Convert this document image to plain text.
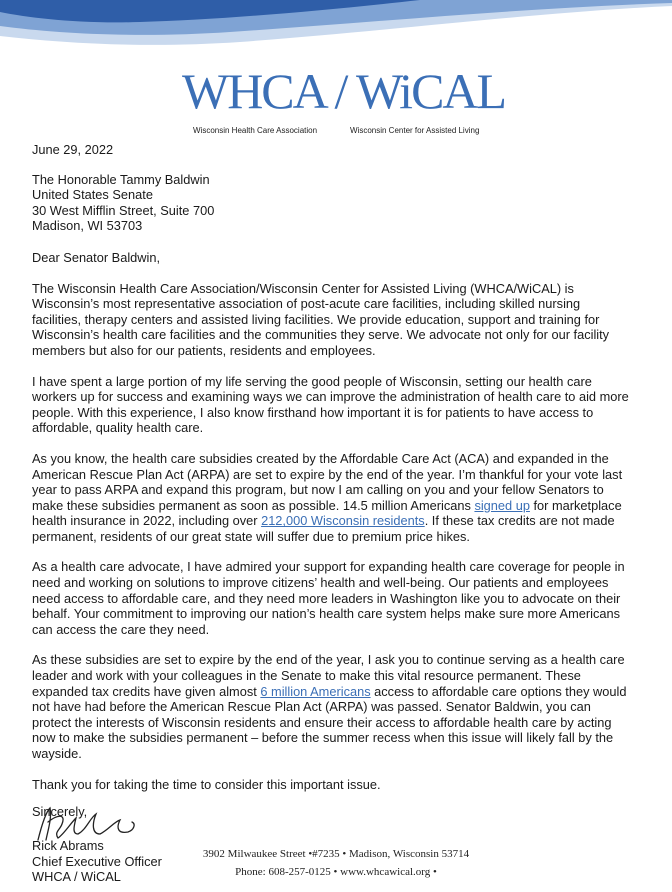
WHCA / WiCAL
Wisconsin Health Care Association	Wisconsin Center for Assisted Living

June 29, 2022

The Honorable Tammy Baldwin

United States Senate

30 West Mifflin Street, Suite 700

Madison, WI 53703

Dear Senator Baldwin,

The Wisconsin Health Care Association/Wisconsin Center for Assisted Living (WHCA/WiCAL) is Wisconsin’s most representative association of post-acute care facilities, including skilled nursing facilities, therapy centers and assisted living facilities. We provide education, support and training for Wisconsin’s health care facilities and the communities they serve. We advocate not only for our facility members but also for our patients, residents and employees.

I have spent a large portion of my life serving the good people of Wisconsin, setting our health care workers up for success and examining ways we can improve the administration of health care to aid more people. With this experience, I also know firsthand how important it is for patients to have access to affordable, quality health care.

As you know, the health care subsidies created by the Affordable Care Act (ACA) and expanded in the American Rescue Plan Act (ARPA) are set to expire by the end of the year. I’m thankful for your vote last year to pass ARPA and expand this program, but now I am calling on you and your fellow Senators to make these subsidies permanent as soon as possible. 14.5 million Americans signed up for marketplace health insurance in 2022, including over 212,000 Wisconsin residents. If these tax credits are not made permanent, residents of our great state will suffer due to premium price hikes.

As a health care advocate, I have admired your support for expanding health care coverage for people in need and working on solutions to improve citizens’ health and well-being. Our patients and employees need access to affordable care, and they need more leaders in Washington like you to advocate on their behalf. Your commitment to improving our nation’s health care system helps make sure more Americans can access the care they need.

As these subsidies are set to expire by the end of the year, I ask you to continue serving as a health care leader and work with your colleagues in the Senate to make this vital resource permanent. These expanded tax credits have given almost 6 million Americans access to affordable care options they would not have had before the American Rescue Plan Act (ARPA) was passed. Senator Baldwin, you can protect the interests of Wisconsin residents and ensure their access to affordable health care by acting now to make the subsidies permanent – before the summer recess when this issue will likely fall by the wayside.

Thank you for taking the time to consider this important issue.

Sincerely,

Rick Abrams

Chief Executive Officer

WHCA / WiCAL

3902 Milwaukee Street •#7235 • Madison, Wisconsin 53714
Phone: 608-257-0125 • www.whcawical.org •
